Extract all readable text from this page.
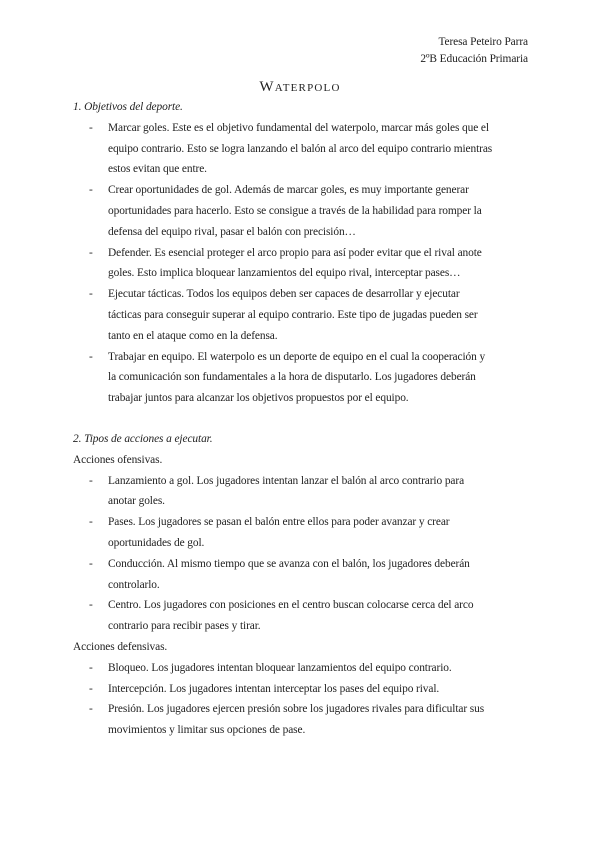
Teresa Peteiro Parra
2ºB Educación Primaria
Waterpolo
1. Objetivos del deporte.
- Marcar goles. Este es el objetivo fundamental del waterpolo, marcar más goles que el
equipo contrario. Esto se logra lanzando el balón al arco del equipo contrario mientras
estos evitan que entre.
- Crear oportunidades de gol. Además de marcar goles, es muy importante generar
oportunidades para hacerlo. Esto se consigue a través de la habilidad para romper la
defensa del equipo rival, pasar el balón con precisión…
- Defender. Es esencial proteger el arco propio para así poder evitar que el rival anote
goles. Esto implica bloquear lanzamientos del equipo rival, interceptar pases…
- Ejecutar tácticas. Todos los equipos deben ser capaces de desarrollar y ejecutar
tácticas para conseguir superar al equipo contrario. Este tipo de jugadas pueden ser
tanto en el ataque como en la defensa.
- Trabajar en equipo. El waterpolo es un deporte de equipo en el cual la cooperación y
la comunicación son fundamentales a la hora de disputarlo. Los jugadores deberán
trabajar juntos para alcanzar los objetivos propuestos por el equipo.
2. Tipos de acciones a ejecutar.
Acciones ofensivas.
- Lanzamiento a gol. Los jugadores intentan lanzar el balón al arco contrario para
anotar goles.
- Pases. Los jugadores se pasan el balón entre ellos para poder avanzar y crear
oportunidades de gol.
- Conducción. Al mismo tiempo que se avanza con el balón, los jugadores deberán
controlarlo.
- Centro. Los jugadores con posiciones en el centro buscan colocarse cerca del arco
contrario para recibir pases y tirar.
Acciones defensivas.
- Bloqueo. Los jugadores intentan bloquear lanzamientos del equipo contrario.
- Intercepción. Los jugadores intentan interceptar los pases del equipo rival.
- Presión. Los jugadores ejercen presión sobre los jugadores rivales para dificultar sus
movimientos y limitar sus opciones de pase.
